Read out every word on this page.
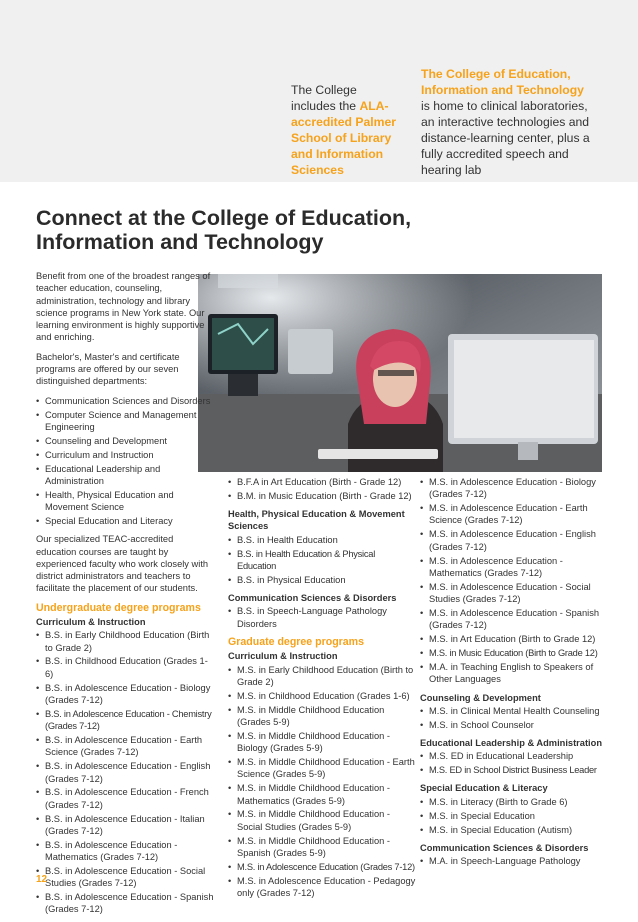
The College includes the ALA-accredited Palmer School of Library and Information Sciences
The College of Education, Information and Technology
is home to clinical laboratories, an interactive technologies and distance-learning center, plus a fully accredited speech and hearing lab
Connect at the College of Education, Information and Technology

Benefit from one of the broadest ranges of teacher education, counseling, administration, technology and library science programs in New York state. Our learning environment is highly supportive and enriching.

Bachelor's, Master's and certificate programs are offered by our seven distinguished departments:

• Communication Sciences and Disorders
• Computer Science and Management Engineering
• Counseling and Development
• Curriculum and Instruction
• Educational Leadership and Administration
• Health, Physical Education and Movement Science
• Special Education and Literacy

Our specialized TEAC-accredited education courses are taught by experienced faculty who work closely with district administrators and teachers to facilitate the placement of our students.

Undergraduate degree programs
Curriculum & Instruction
• B.S. in Early Childhood Education (Birth to Grade 2)
• B.S. in Childhood Education (Grades 1-6)
• B.S. in Adolescence Education - Biology (Grades 7-12)
• B.S. in Adolescence Education - Chemistry (Grades 7-12)
• B.S. in Adolescence Education - Earth Science (Grades 7-12)
• B.S. in Adolescence Education - English (Grades 7-12)
• B.S. in Adolescence Education - French (Grades 7-12)
• B.S. in Adolescence Education - Italian (Grades 7-12)
• B.S. in Adolescence Education - Mathematics (Grades 7-12)
• B.S. in Adolescence Education - Social Studies (Grades 7-12)
• B.S. in Adolescence Education - Spanish (Grades 7-12)
• B.F.A in Art Education (Birth - Grade 12)
• B.M. in Music Education (Birth - Grade 12)
Health, Physical Education & Movement Sciences
• B.S. in Health Education
• B.S. in Health Education & Physical Education
• B.S. in Physical Education
Communication Sciences & Disorders
• B.S. in Speech-Language Pathology Disorders
Graduate degree programs
Curriculum & Instruction
• M.S. in Early Childhood Education (Birth to Grade 2)
• M.S. in Childhood Education (Grades 1-6)
• M.S. in Middle Childhood Education (Grades 5-9)
• M.S. in Middle Childhood Education - Biology (Grades 5-9)
• M.S. in Middle Childhood Education - Earth Science (Grades 5-9)
• M.S. in Middle Childhood Education - Mathematics (Grades 5-9)
• M.S. in Middle Childhood Education - Social Studies (Grades 5-9)
• M.S. in Middle Childhood Education - Spanish (Grades 5-9)
• M.S. in Adolescence Education (Grades 7-12)
• M.S. in Adolescence Education - Pedagogy only (Grades 7-12)
• M.S. in Adolescence Education - Biology (Grades 7-12)
• M.S. in Adolescence Education - Earth Science (Grades 7-12)
• M.S. in Adolescence Education - English (Grades 7-12)
• M.S. in Adolescence Education - Mathematics (Grades 7-12)
• M.S. in Adolescence Education - Social Studies (Grades 7-12)
• M.S. in Adolescence Education - Spanish (Grades 7-12)
• M.S. in Art Education (Birth to Grade 12)
• M.S. in Music Education (Birth to Grade 12)
• M.A. in Teaching English to Speakers of Other Languages
Counseling & Development
• M.S. in Clinical Mental Health Counseling
• M.S. in School Counselor
Educational Leadership & Administration
• M.S. ED in Educational Leadership
• M.S. ED in School District Business Leader
Special Education & Literacy
• M.S. in Literacy (Birth to Grade 6)
• M.S. in Special Education
• M.S. in Special Education (Autism)
Communication Sciences & Disorders
• M.A. in Speech-Language Pathology
12
